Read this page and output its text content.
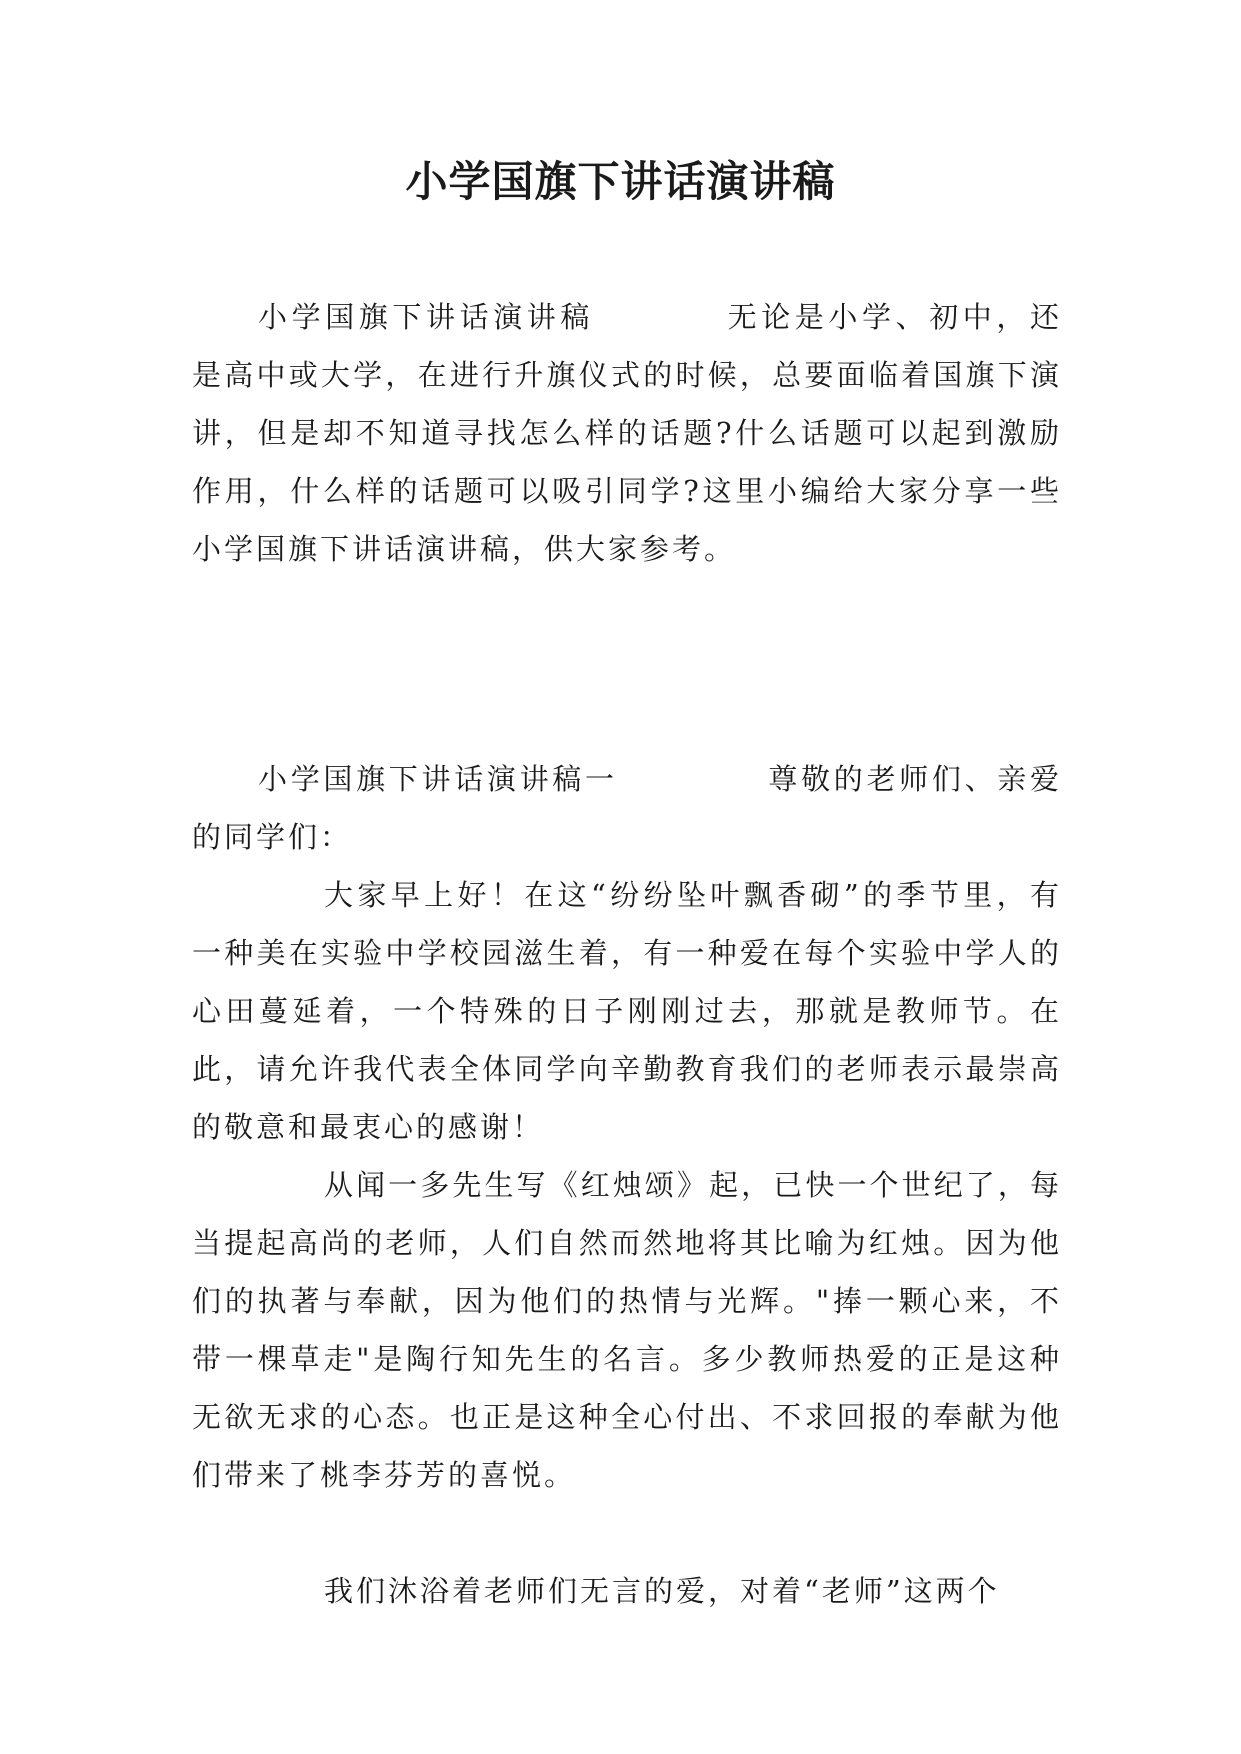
小学国旗下讲话演讲稿

小学国旗下讲话演讲稿	无论是小学、初中，还是高中或大学，在进行升旗仪式的时候，总要面临着国旗下演讲，但是却不知道寻找怎么样的话题?什么话题可以起到激励作用，什么样的话题可以吸引同学?这里小编给大家分享一些小学国旗下讲话演讲稿，供大家参考。

小学国旗下讲话演讲稿一	尊敬的老师们、亲爱的同学们：

大家早上好！在这“纷纷坠叶飘香砌”的季节里，有一种美在实验中学校园滋生着，有一种爱在每个实验中学人的心田蔓延着，一个特殊的日子刚刚过去，那就是教师节。在此，请允许我代表全体同学向辛勤教育我们的老师表示最崇高的敬意和最衷心的感谢！

从闻一多先生写《红烛颂》起，已快一个世纪了，每当提起高尚的老师，人们自然而然地将其比喻为红烛。因为他们的执著与奉献，因为他们的热情与光辉。"捧一颗心来，不带一棵草走"是陶行知先生的名言。多少教师热爱的正是这种无欲无求的心态。也正是这种全心付出、不求回报的奉献为他们带来了桃李芬芳的喜悦。

我们沐浴着老师们无言的爱，对着“老师”这两个
